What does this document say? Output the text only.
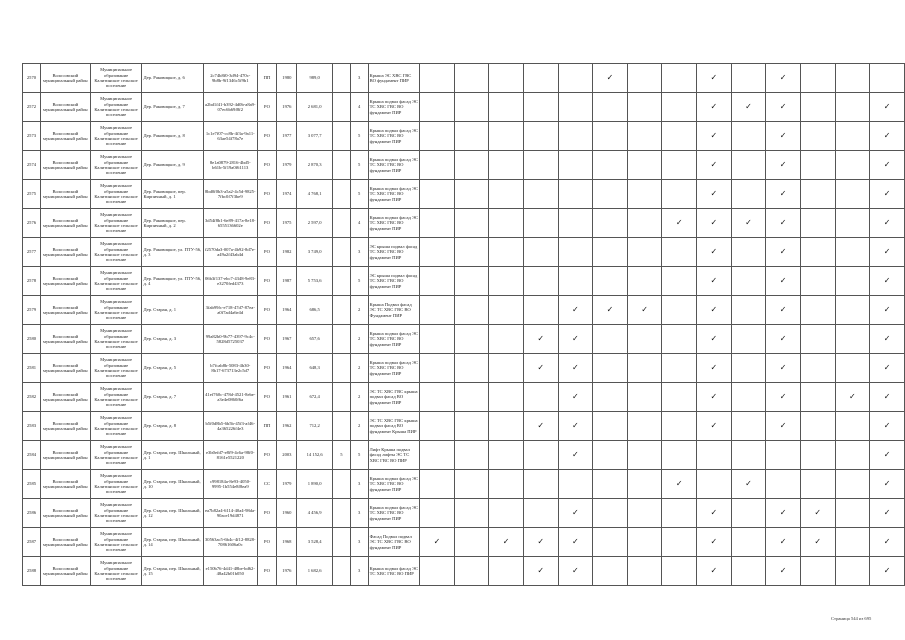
2570	Волосовский муниципальный район	Муниципальное образование Калитинское сельское поселение	Дер. Раковицкое, д. 6	2c74b8f0-3d94-470c-9b8b-9f1346c5f9b1	ПП	1980	989,0		3	Крыша ЭС ХВС ГВС ВО фундамент ПИР						✓			✓		✓			
2572	Волосовский муниципальный район	Муниципальное образование Калитинское сельское поселение	Дер. Раковицкое, д. 7	a2bd1f41-b392-4d0b-a8a9-07ec6b69f8f2	РО	1976	2 681,0		4	Крыша подвал фасад ЭС ТС ХВС ГВС ВО фундамент ПИР									✓	✓	✓			✓
2573	Волосовский муниципальный район	Муниципальное образование Калитинское сельское поселение	Дер. Раковицкое, д. 8	1c1e7f07-cc8b-4f3a-9a11-63ae54f78a7e	РО	1977	3 077,7		5	Крыша подвал фасад ЭС ТС ХВС ГВС ВО фундамент ПИР									✓		✓			✓
2574	Волосовский муниципальный район	Муниципальное образование Калитинское сельское поселение	Дер. Раковицкое, д. 9	8e1a0879-2816-4bd5-b61b-5f19a0f61113	РО	1979	2 870,3		5	Крыша подвал фасад ЭС ТС ХВС ГВС ВО фундамент ПИР									✓		✓			✓
2575	Волосовский муниципальный район	Муниципальное образование Калитинское сельское поселение	Дер. Раковицкое, пер. Кирпичный, д. 1	8bd0f0b3-a5a2-4c5d-9825-7fbc0f7f3be9	РО	1974	4 768,1		5	Крыша подвал фасад ЭС ТС ХВС ГВС ВО фундамент ПИР									✓		✓			✓
2576	Волосовский муниципальный район	Муниципальное образование Калитинское сельское поселение	Дер. Раковицкое, пер. Кирпичный, д. 2	3d54f8b1-6e89-417a-8e18-6555136602e	РО	1975	2 597,0		4	Крыша подвал фасад ЭС ТС ХВС ГВС ВО фундамент ПИР								✓	✓	✓	✓			✓
2577	Волосовский муниципальный район	Муниципальное образование Калитинское сельское поселение	Дер. Раковицкое, ул. ПТУ-56, д. 3	f2570da3-007a-4b92-8d7e-a49a2f43ab4d	РО	1982	3 749,0		3	ЭС крыша подвал фасад ТС ХВС ГВС ВО фундамент ПИР									✓		✓			✓
2578	Волосовский муниципальный район	Муниципальное образование Калитинское сельское поселение	Дер. Раковицкое, ул. ПТУ-56, д. 4	06b3f137-ebc7-4348-9e83-e3270fed4373	РО	1987	5 753,6		5	ЭС крыша подвал фасад ТС ХВС ГВС ВО фундамент ПИР									✓		✓			✓
2579	Волосовский муниципальный район	Муниципальное образование Калитинское сельское поселение	Дер. Старая, д. 1	3fab99fc-e718-47d7-87ea-a0f7ad4a6e4d	РО	1964	686,5		2	Крыша Подвал фасад ЭС ТС ХВС ГВС ВО Фундамент ПИР					✓	✓	✓		✓		✓			✓
2580	Волосовский муниципальный район	Муниципальное образование Калитинское сельское поселение	Дер. Старая, д. 3	99a82b0-9b77-4397-9c4c-5828d5725037	РО	1967	657,6		2	Крыша подвал фасад ЭС ТС ХВС ГВС ВО фундамент ПИР				✓	✓				✓		✓			✓
2581	Волосовский муниципальный район	Муниципальное образование Калитинское сельское поселение	Дер. Старая, д. 5	b7fcab8b-5083-4b30-8b17-673713e2c5d7	РО	1964	648,3		2	Крыша подвал фасад ЭС ТС ХВС ГВС ВО фундамент ПИР				✓	✓				✓		✓			✓
2582	Волосовский муниципальный район	Муниципальное образование Калитинское сельское поселение	Дер. Старая, д. 7	41ef760c-478d-4521-8ebe-a3e4e0860f6a	РО	1961	672,4		2	ЭС ТС ХВС ГВС крыша подвал фасад ВО фундамент ПИР					✓				✓		✓		✓	✓
2583	Волосовский муниципальный район	Муниципальное образование Калитинское сельское поселение	Дер. Старая, д. 8	b5f0d8b5-6b5b-45f3-af46-4a365226f4e3	ПП	1962	712,2		2	ЭС ТС ХВС ГВС крыша подвал фасад ВО фундамент Крыша ПИР				✓	✓				✓		✓			✓
2584	Волосовский муниципальный район	Муниципальное образование Калитинское сельское поселение	Дер. Старая, пер. Школьный, д. 1	e3b0efd7-e8f9-4c6a-98f0-8161e5521220	РО	2003	14 152,6	5	5	Лифт Крыша подвал фасад лифты ЭС ТС ХВС ГВС ВО ПИР					✓									✓
2585	Волосовский муниципальный район	Муниципальное образование Калитинское сельское поселение	Дер. Старая, пер. Школьный, д. 10	c998184a-8e93-4050-9995-1b554e8f8ea9	СС	1979	1 890,0		3	Крыша подвал фасад ЭС ТС ХВС ГВС ВО фундамент ПИР								✓		✓				✓
2586	Волосовский муниципальный район	Муниципальное образование Калитинское сельское поселение	Дер. Старая, пер. Школьный, д. 12	ea7b82a4-6114-40a4-98da-90ace19d4871	РО	1960	4 456,9		3	Крыша подвал фасад ЭС ТС ХВС ГВС ВО фундамент ПИР					✓				✓		✓	✓		✓
2587	Волосовский муниципальный район	Муниципальное образование Калитинское сельское поселение	Дер. Старая, пер. Школьный, д. 14	30563ac5-6b4c-4f12-8828-70861606a0c	РО	1968	3 528,4		3	Фасад Подвал подвал ЭС ТС ХВС ГВС ВО фундамент ПИР	✓		✓	✓	✓				✓		✓	✓		✓
2588	Волосовский муниципальный район	Муниципальное образование Калитинское сельское поселение	Дер. Старая, пер. Школьный, д. 15	e150b76-4d41-48be-bd62-48a42b01b050	РО	1976	1 682,6		3	Крыша подвал фасад ЭС ТС ХВС ГВС ВО ПИР				✓	✓				✓		✓			✓
Страница 544 из 695
